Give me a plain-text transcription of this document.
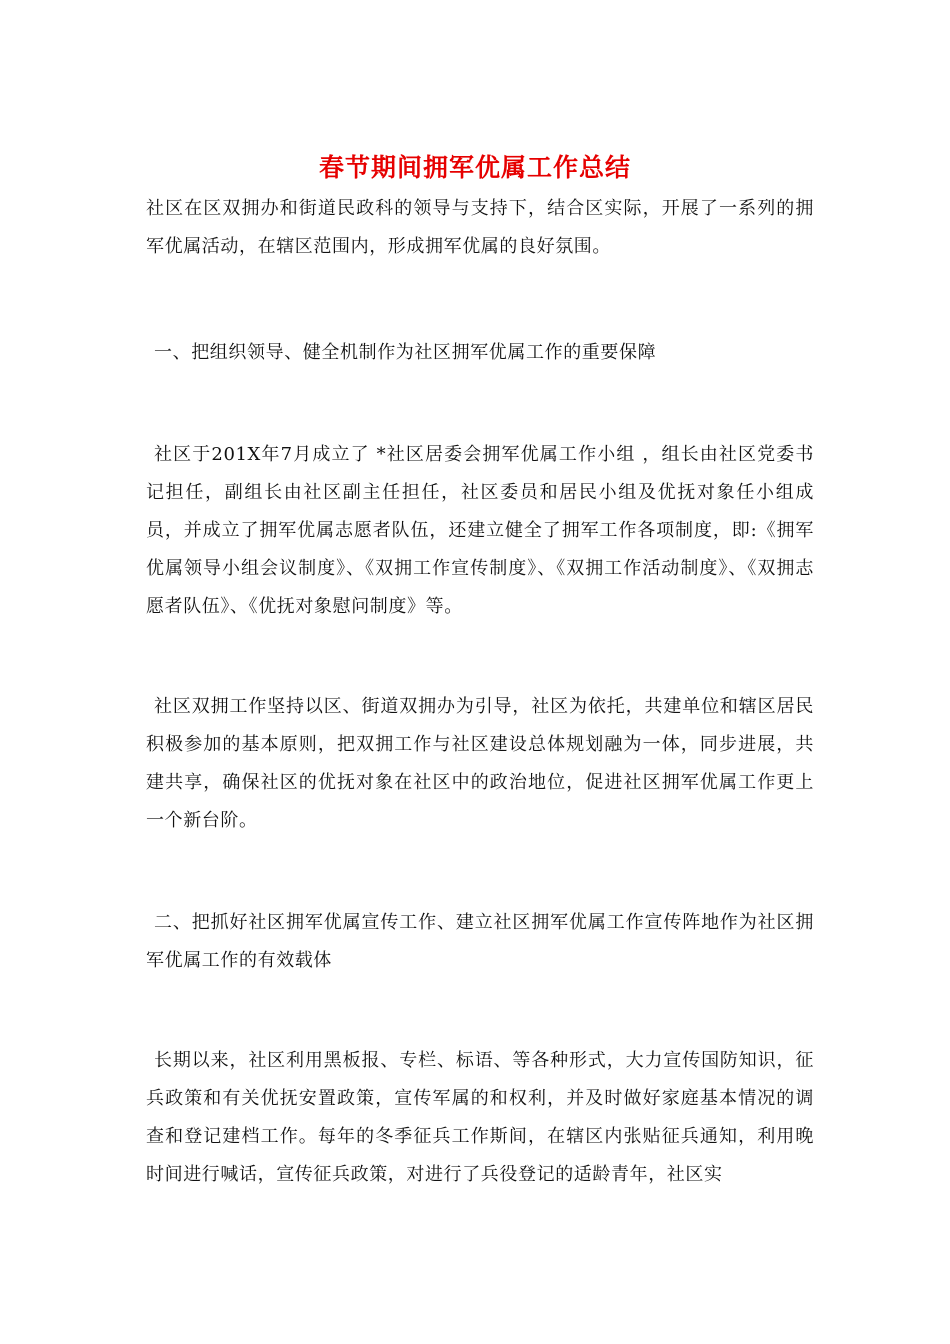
春节期间拥军优属工作总结

社区在区双拥办和街道民政科的领导与支持下，结合区实际，开展了一系列的拥军优属活动，在辖区范围内，形成拥军优属的良好氛围。

一、把组织领导、健全机制作为社区拥军优属工作的重要保障

社区于201X年7月成立了 *社区居委会拥军优属工作小组 ，组长由社区党委书记担任，副组长由社区副主任担任，社区委员和居民小组及优抚对象任小组成员，并成立了拥军优属志愿者队伍，还建立健全了拥军工作各项制度，即:《拥军优属领导小组会议制度》、《双拥工作宣传制度》、《双拥工作活动制度》、《双拥志愿者队伍》、《优抚对象慰问制度》等。

社区双拥工作坚持以区、街道双拥办为引导，社区为依托，共建单位和辖区居民积极参加的基本原则，把双拥工作与社区建设总体规划融为一体，同步进展，共建共享，确保社区的优抚对象在社区中的政治地位，促进社区拥军优属工作更上一个新台阶。

二、把抓好社区拥军优属宣传工作、建立社区拥军优属工作宣传阵地作为社区拥军优属工作的有效载体

长期以来，社区利用黑板报、专栏、标语、等各种形式，大力宣传国防知识，征兵政策和有关优抚安置政策，宣传军属的和权利，并及时做好家庭基本情况的调查和登记建档工作。每年的冬季征兵工作斯间，在辖区内张贴征兵通知，利用晚时间进行喊话，宣传征兵政策，对进行了兵役登记的适龄青年，社区实
